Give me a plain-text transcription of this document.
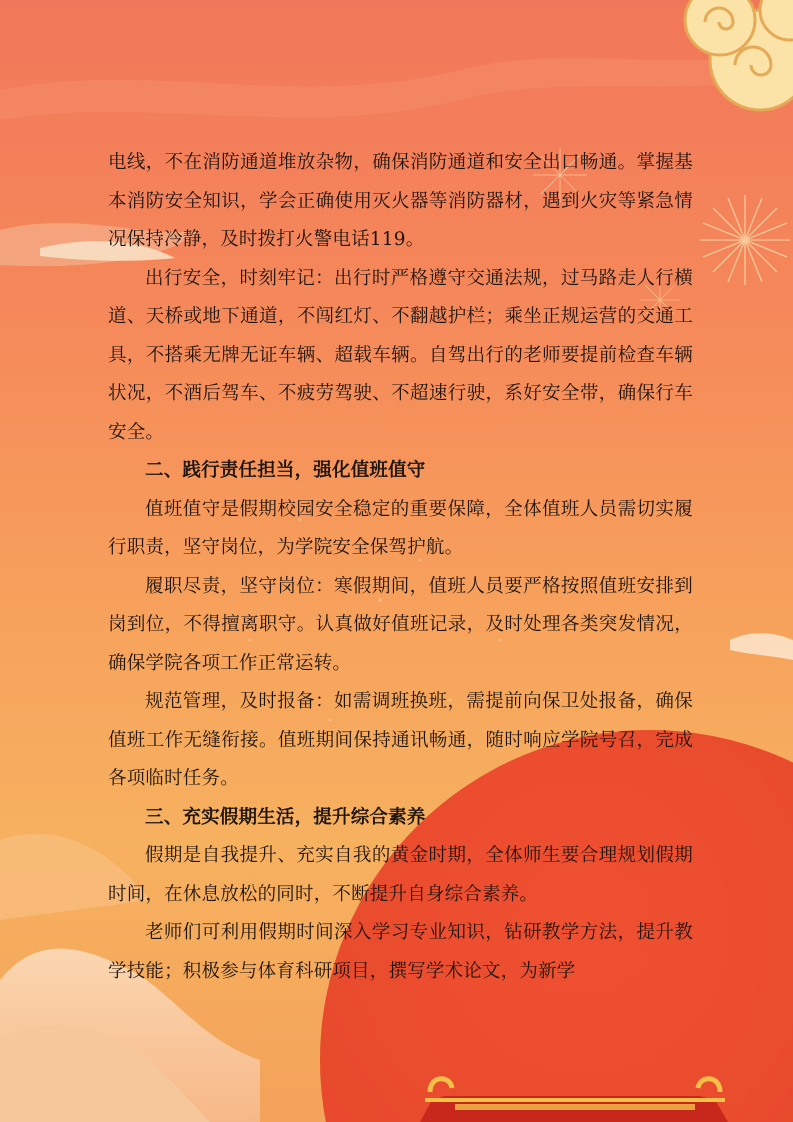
电线，不在消防通道堆放杂物，确保消防通道和安全出口畅通。掌握基本消防安全知识，学会正确使用灭火器等消防器材，遇到火灾等紧急情况保持冷静，及时拨打火警电话119。

出行安全，时刻牢记：出行时严格遵守交通法规，过马路走人行横道、天桥或地下通道，不闯红灯、不翻越护栏；乘坐正规运营的交通工具，不搭乘无牌无证车辆、超载车辆。自驾出行的老师要提前检查车辆状况，不酒后驾车、不疲劳驾驶、不超速行驶，系好安全带，确保行车安全。

二、践行责任担当，强化值班值守

值班值守是假期校园安全稳定的重要保障，全体值班人员需切实履行职责，坚守岗位，为学院安全保驾护航。

履职尽责，坚守岗位：寒假期间，值班人员要严格按照值班安排到岗到位，不得擅离职守。认真做好值班记录，及时处理各类突发情况，确保学院各项工作正常运转。

规范管理，及时报备：如需调班换班，需提前向保卫处报备，确保值班工作无缝衔接。值班期间保持通讯畅通，随时响应学院号召，完成各项临时任务。

三、充实假期生活，提升综合素养

假期是自我提升、充实自我的黄金时期，全体师生要合理规划假期时间，在休息放松的同时，不断提升自身综合素养。

老师们可利用假期时间深入学习专业知识，钻研教学方法，提升教学技能；积极参与体育科研项目，撰写学术论文，为新学
